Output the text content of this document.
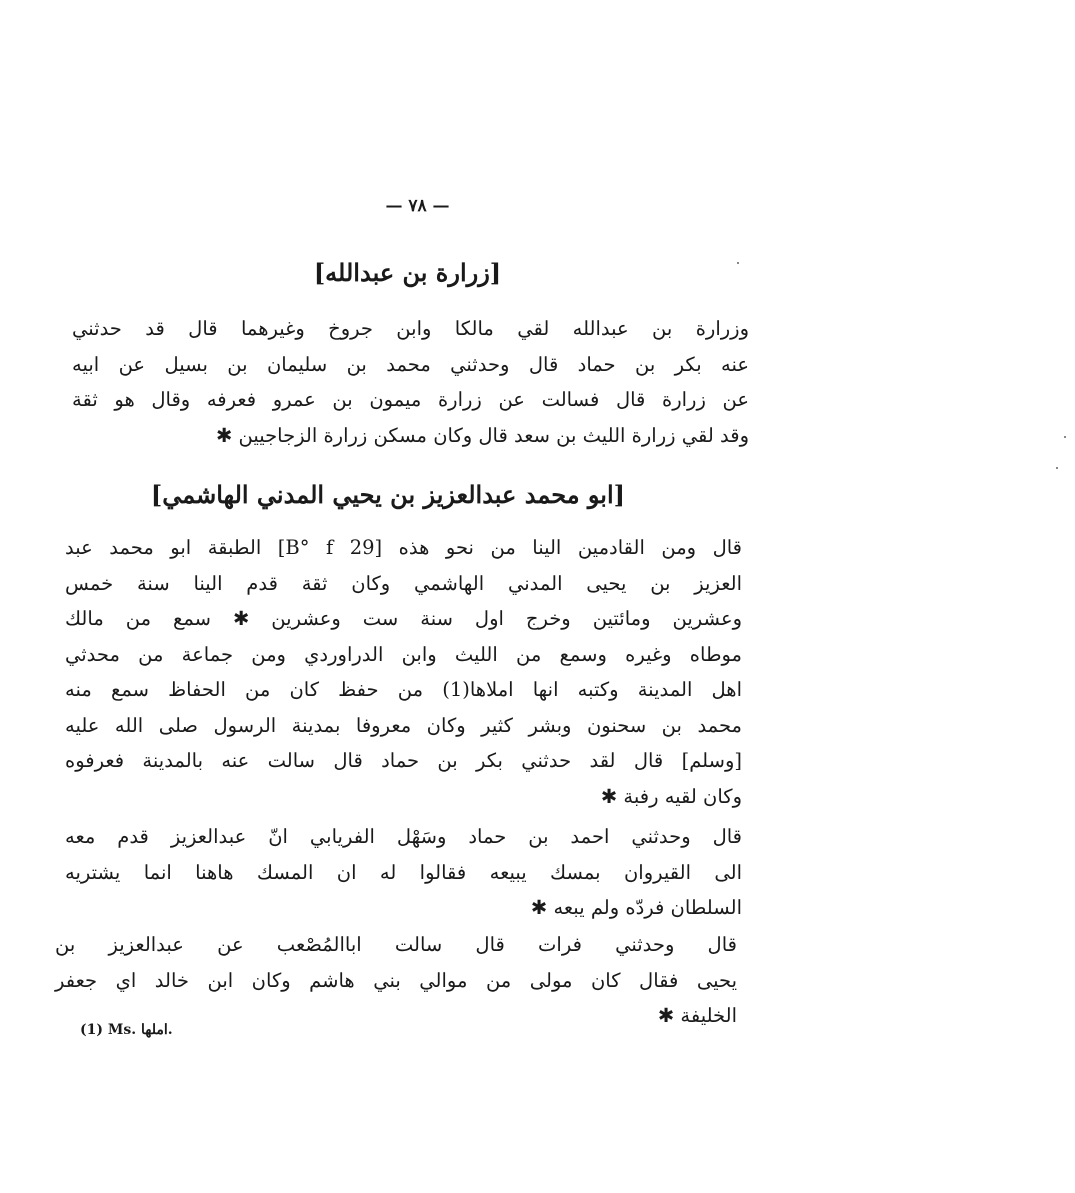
— ٧٨ —
[زرارة بن عبدالله]
وزرارة بن عبدالله لقي مالكا وابن جروخ وغيرهما قال قد حدثني
عنه بكر بن حماد قال وحدثني محمد بن سليمان بن بسيل عن ابيه
عن زرارة قال فسالت عن زرارة ميمون بن عمرو فعرفه وقال هو ثقة
وقد لقي زرارة الليث بن سعد قال وكان مسكن زرارة الزجاجيين ✱
[ابو محمد عبدالعزيز بن يحيي المدني الهاشمي]
قال ومن القادمين الينا من نحو هذه [29 B° f] الطبقة ابو محمد عبد
العزيز بن يحيى المدني الهاشمي وكان ثقة قدم الينا سنة خمس
وعشرين ومائتين وخرج اول سنة ست وعشرين ✱ سمع من مالك
موطاه وغيره وسمع من الليث وابن الدراوردي ومن جماعة من محدثي
اهل المدينة وكتبه انها املاها(1) من حفظ كان من الحفاظ سمع منه
محمد بن سحنون وبشر كثير وكان معروفا بمدينة الرسول صلى الله عليه
[وسلم] قال لقد حدثني بكر بن حماد قال سالت عنه بالمدينة فعرفوه
وكان لقيه رفبة ✱
قال وحدثني احمد بن حماد وسَهْل الفريابي انّ عبدالعزيز قدم معه
الى القيروان بمسك يبيعه فقالوا له ان المسك هاهنا انما يشتريه
السلطان فردّه ولم يبعه ✱
قال وحدثني فرات قال سالت اباالمُصْعب عن عبدالعزيز بن
يحيى فقال كان مولى من موالي بني هاشم وكان ابن خالد اي جعفر
الخليفة ✱
(1) Ms. املها.
